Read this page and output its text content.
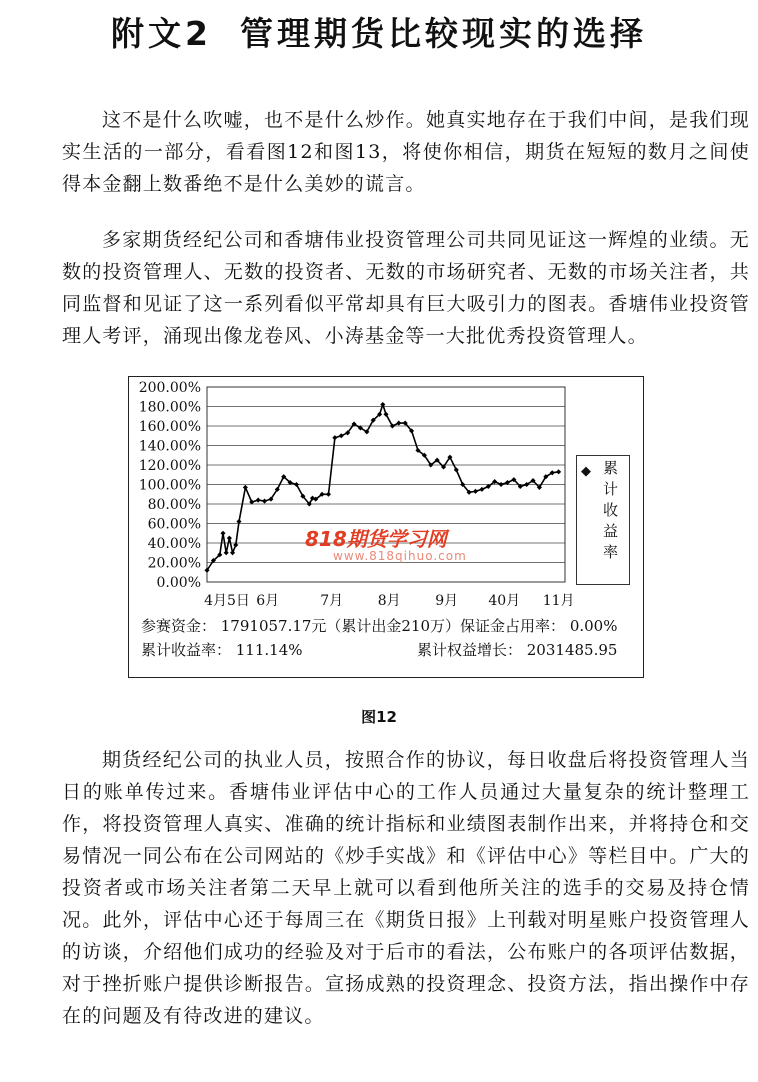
附文2 管理期货比较现实的选择

这不是什么吹嘘，也不是什么炒作。她真实地存在于我们中间，是我们现实生活的一部分，看看图12和图13，将使你相信，期货在短短的数月之间使得本金翻上数番绝不是什么美妙的谎言。

多家期货经纪公司和香塘伟业投资管理公司共同见证这一辉煌的业绩。无数的投资管理人、无数的投资者、无数的市场研究者、无数的市场关注者，共同监督和见证了这一系列看似平常却具有巨大吸引力的图表。香塘伟业投资管理人考评，涌现出像龙卷风、小涛基金等一大批优秀投资管理人。

0.00%
20.00%
40.00%
60.00%
80.00%
100.00%
120.00%
140.00%
160.00%
180.00%
200.00%
4月5日 6月	7月 8月 9月 40月 11月
◆ 累计收益率
818期货学习网
www.818qihuo.com
参赛资金： 1791057.17元（累计出金210万）保证金占用率： 0.00%
累计收益率： 111.14%	累计权益增长： 2031485.95
图12

期货经纪公司的执业人员，按照合作的协议，每日收盘后将投资管理人当日的账单传过来。香塘伟业评估中心的工作人员通过大量复杂的统计整理工作，将投资管理人真实、准确的统计指标和业绩图表制作出来，并将持仓和交易情况一同公布在公司网站的《炒手实战》和《评估中心》等栏目中。广大的投资者或市场关注者第二天早上就可以看到他所关注的选手的交易及持仓情况。此外，评估中心还于每周三在《期货日报》上刊载对明星账户投资管理人的访谈，介绍他们成功的经验及对于后市的看法，公布账户的各项评估数据，对于挫折账户提供诊断报告。宣扬成熟的投资理念、投资方法，指出操作中存在的问题及有待改进的建议。
